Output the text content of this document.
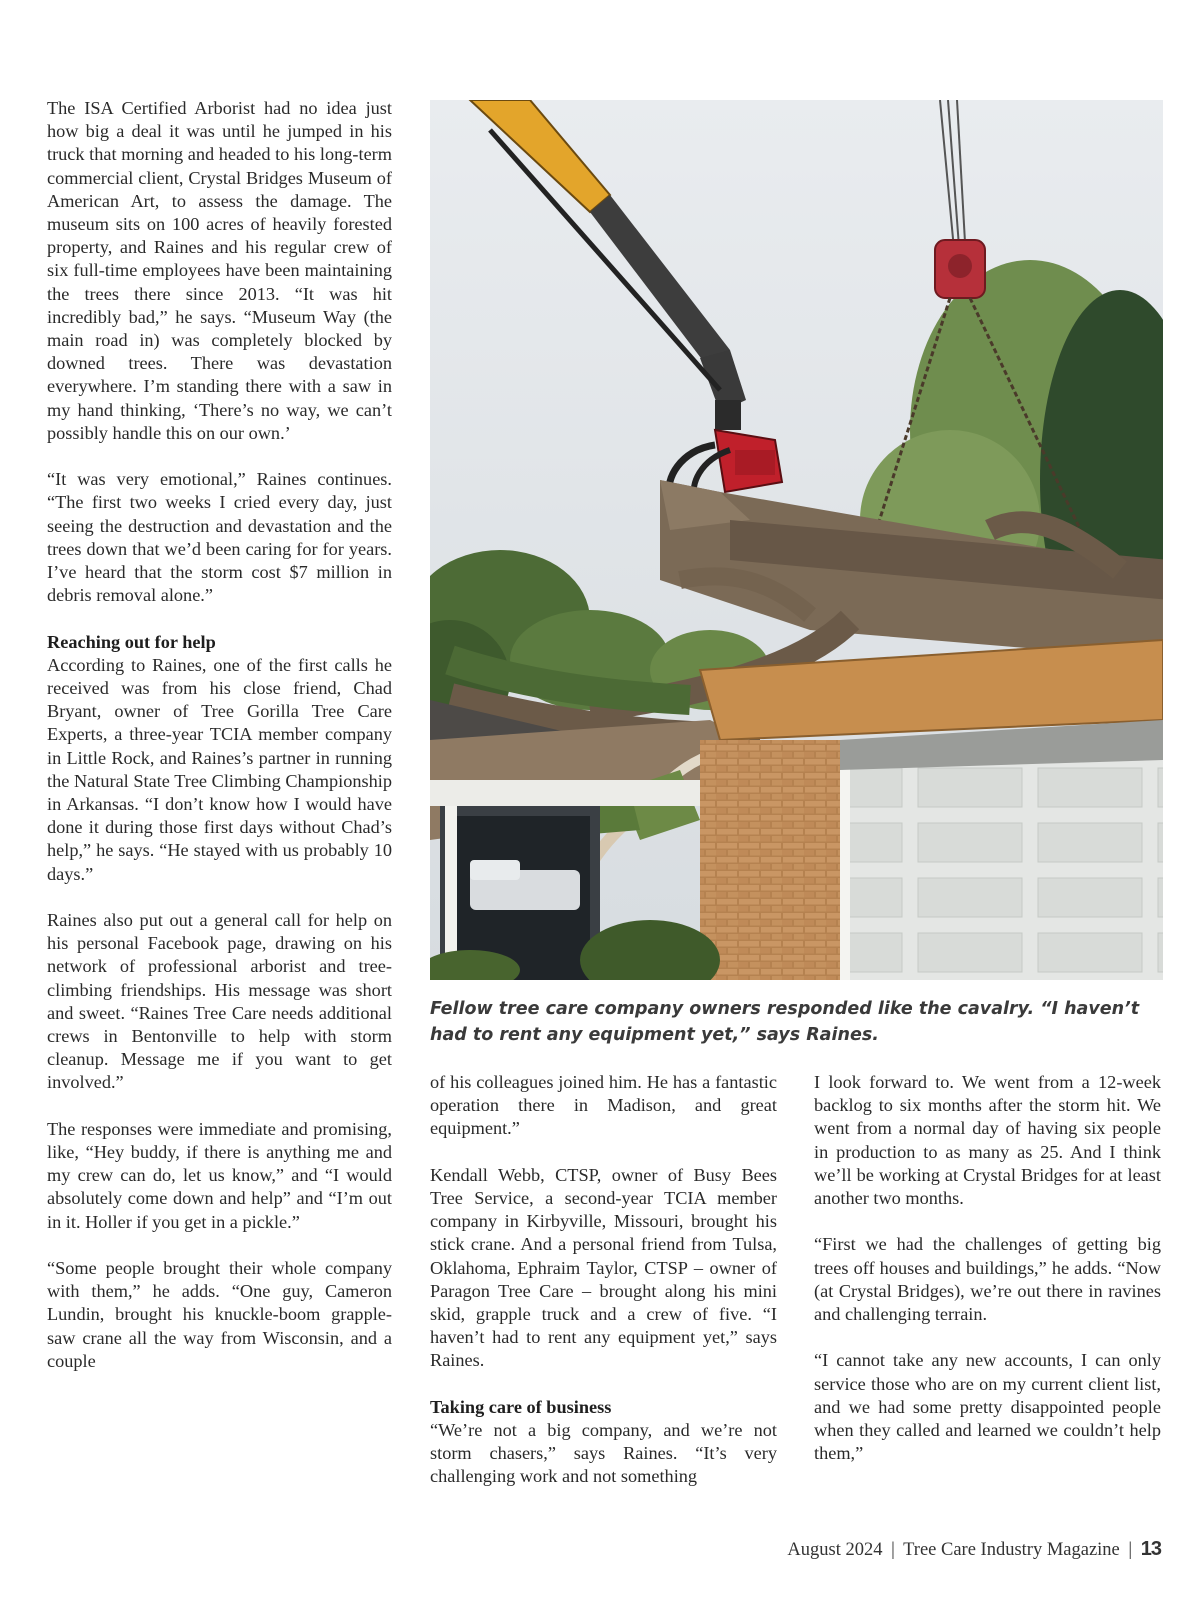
The ISA Certified Arborist had no idea just how big a deal it was until he jumped in his truck that morning and headed to his long-term commercial client, Crystal Bridges Museum of American Art, to assess the damage. The museum sits on 100 acres of heavily forested property, and Raines and his regular crew of six full-time employees have been maintaining the trees there since 2013. “It was hit incredibly bad,” he says. “Museum Way (the main road in) was completely blocked by downed trees. There was devastation everywhere. I’m standing there with a saw in my hand thinking, ‘There’s no way, we can’t possibly handle this on our own.’

“It was very emotional,” Raines continues. “The first two weeks I cried every day, just seeing the destruction and devastation and the trees down that we’d been caring for for years. I’ve heard that the storm cost $7 million in debris removal alone.”

Reaching out for help

According to Raines, one of the first calls he received was from his close friend, Chad Bryant, owner of Tree Gorilla Tree Care Experts, a three-year TCIA member company in Little Rock, and Raines’s partner in running the Natural State Tree Climbing Championship in Arkansas. “I don’t know how I would have done it during those first days without Chad’s help,” he says. “He stayed with us probably 10 days.”

Raines also put out a general call for help on his personal Facebook page, drawing on his network of professional arborist and tree-climbing friendships. His message was short and sweet. “Raines Tree Care needs additional crews in Bentonville to help with storm cleanup. Message me if you want to get involved.”

The responses were immediate and promising, like, “Hey buddy, if there is anything me and my crew can do, let us know,” and “I would absolutely come down and help” and “I’m out in it. Holler if you get in a pickle.”

“Some people brought their whole company with them,” he adds. “One guy, Cameron Lundin, brought his knuckle-boom grapple-saw crane all the way from Wisconsin, and a couple

Fellow tree care company owners responded like the cavalry. “I haven’t had to rent any equipment yet,” says Raines.

of his colleagues joined him. He has a fantastic operation there in Madison, and great equipment.”

Kendall Webb, CTSP, owner of Busy Bees Tree Service, a second-year TCIA member company in Kirbyville, Missouri, brought his stick crane. And a personal friend from Tulsa, Oklahoma, Ephraim Taylor, CTSP – owner of Paragon Tree Care – brought along his mini skid, grapple truck and a crew of five. “I haven’t had to rent any equipment yet,” says Raines.

Taking care of business

“We’re not a big company, and we’re not storm chasers,” says Raines. “It’s very challenging work and not something

I look forward to. We went from a 12-week backlog to six months after the storm hit. We went from a normal day of having six people in production to as many as 25. And I think we’ll be working at Crystal Bridges for at least another two months.

“First we had the challenges of getting big trees off houses and buildings,” he adds. “Now (at Crystal Bridges), we’re out there in ravines and challenging terrain.

“I cannot take any new accounts, I can only service those who are on my current client list, and we had some pretty disappointed people when they called and learned we couldn’t help them,”

August 2024 | Tree Care Industry Magazine | 13
